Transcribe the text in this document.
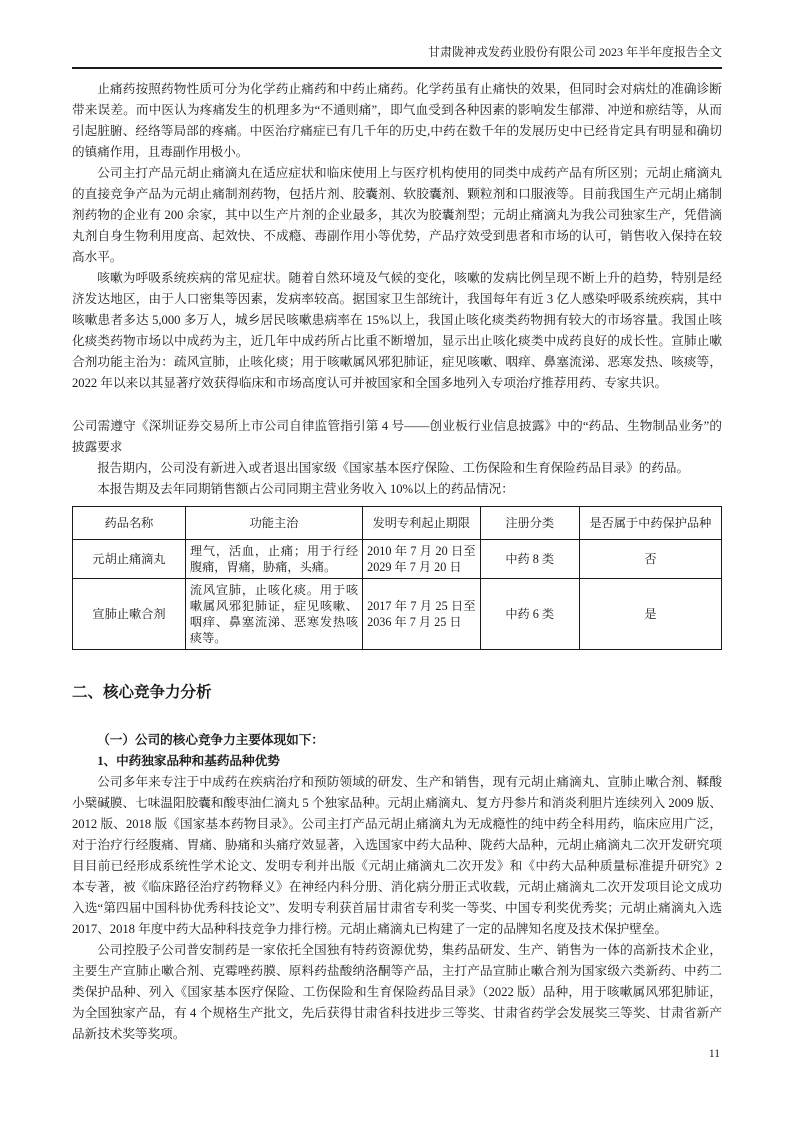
甘肃陇神戎发药业股份有限公司 2023 年半年度报告全文

止痛药按照药物性质可分为化学药止痛药和中药止痛药。化学药虽有止痛快的效果，但同时会对病灶的准确诊断带来误差。而中医认为疼痛发生的机理多为“不通则痛”，即气血受到各种因素的影响发生郁滞、冲逆和瘀结等，从而引起脏腑、经络等局部的疼痛。中医治疗痛症已有几千年的历史,中药在数千年的发展历史中已经肯定具有明显和确切的镇痛作用，且毒副作用极小。

公司主打产品元胡止痛滴丸在适应症状和临床使用上与医疗机构使用的同类中成药产品有所区别；元胡止痛滴丸的直接竞争产品为元胡止痛制剂药物，包括片剂、胶囊剂、软胶囊剂、颗粒剂和口服液等。目前我国生产元胡止痛制剂药物的企业有 200 余家，其中以生产片剂的企业最多，其次为胶囊剂型；元胡止痛滴丸为我公司独家生产，凭借滴丸剂自身生物利用度高、起效快、不成瘾、毒副作用小等优势，产品疗效受到患者和市场的认可，销售收入保持在较高水平。

咳嗽为呼吸系统疾病的常见症状。随着自然环境及气候的变化，咳嗽的发病比例呈现不断上升的趋势，特别是经济发达地区，由于人口密集等因素，发病率较高。据国家卫生部统计，我国每年有近 3 亿人感染呼吸系统疾病，其中咳嗽患者多达 5,000 多万人，城乡居民咳嗽患病率在 15%以上，我国止咳化痰类药物拥有较大的市场容量。我国止咳化痰类药物市场以中成药为主，近几年中成药所占比重不断增加，显示出止咳化痰类中成药良好的成长性。宣肺止嗽合剂功能主治为：疏风宣肺，止咳化痰；用于咳嗽属风邪犯肺证，症见咳嗽、咽痒、鼻塞流涕、恶寒发热、咳痰等，2022 年以来以其显著疗效获得临床和市场高度认可并被国家和全国多地列入专项治疗推荐用药、专家共识。

公司需遵守《深圳证券交易所上市公司自律监管指引第 4 号——创业板行业信息披露》中的“药品、生物制品业务”的披露要求

报告期内，公司没有新进入或者退出国家级《国家基本医疗保险、工伤保险和生育保险药品目录》的药品。

本报告期及去年同期销售额占公司同期主营业务收入 10%以上的药品情况：

药品名称	功能主治	发明专利起止期限	注册分类	是否属于中药保护品种
元胡止痛滴丸	理气，活血，止痛；用于行经腹痛，胃痛，胁痛，头痛。	2010 年 7 月 20 日至 2029 年 7 月 20 日	中药 8 类	否
宣肺止嗽合剂	流风宣肺，止咳化痰。用于咳嗽属风邪犯肺证，症见咳嗽、咽痒、鼻塞流涕、恶寒发热咳痰等。	2017 年 7 月 25 日至 2036 年 7 月 25 日	中药 6 类	是
二、核心竞争力分析
（一）公司的核心竞争力主要体现如下：
1、中药独家品种和基药品种优势

公司多年来专注于中成药在疾病治疗和预防领域的研发、生产和销售，现有元胡止痛滴丸、宣肺止嗽合剂、鞣酸小檗碱膜、七味温阳胶囊和酸枣油仁滴丸 5 个独家品种。元胡止痛滴丸、复方丹参片和消炎利胆片连续列入 2009 版、2012 版、2018 版《国家基本药物目录》。公司主打产品元胡止痛滴丸为无成瘾性的纯中药全科用药，临床应用广泛，对于治疗行经腹痛、胃痛、胁痛和头痛疗效显著，入选国家中药大品种、陇药大品种，元胡止痛滴丸二次开发研究项目目前已经形成系统性学术论文、发明专利并出版《元胡止痛滴丸二次开发》和《中药大品种质量标准提升研究》2 本专著，被《临床路径治疗药物释义》在神经内科分册、消化病分册正式收载，元胡止痛滴丸二次开发项目论文成功入选“第四届中国科协优秀科技论文”、发明专利获首届甘肃省专利奖一等奖、中国专利奖优秀奖；元胡止痛滴丸入选 2017、2018 年度中药大品种科技竞争力排行榜。元胡止痛滴丸已构建了一定的品牌知名度及技术保护壁垒。

公司控股子公司普安制药是一家依托全国独有特药资源优势，集药品研发、生产、销售为一体的高新技术企业，主要生产宣肺止嗽合剂、克霉唑药膜、原料药盐酸纳洛酮等产品，主打产品宣肺止嗽合剂为国家级六类新药、中药二类保护品种、列入《国家基本医疗保险、工伤保险和生育保险药品目录》（2022 版）品种，用于咳嗽属风邪犯肺证，为全国独家产品，有 4 个规格生产批文，先后获得甘肃省科技进步三等奖、甘肃省药学会发展奖三等奖、甘肃省新产品新技术奖等奖项。

11
